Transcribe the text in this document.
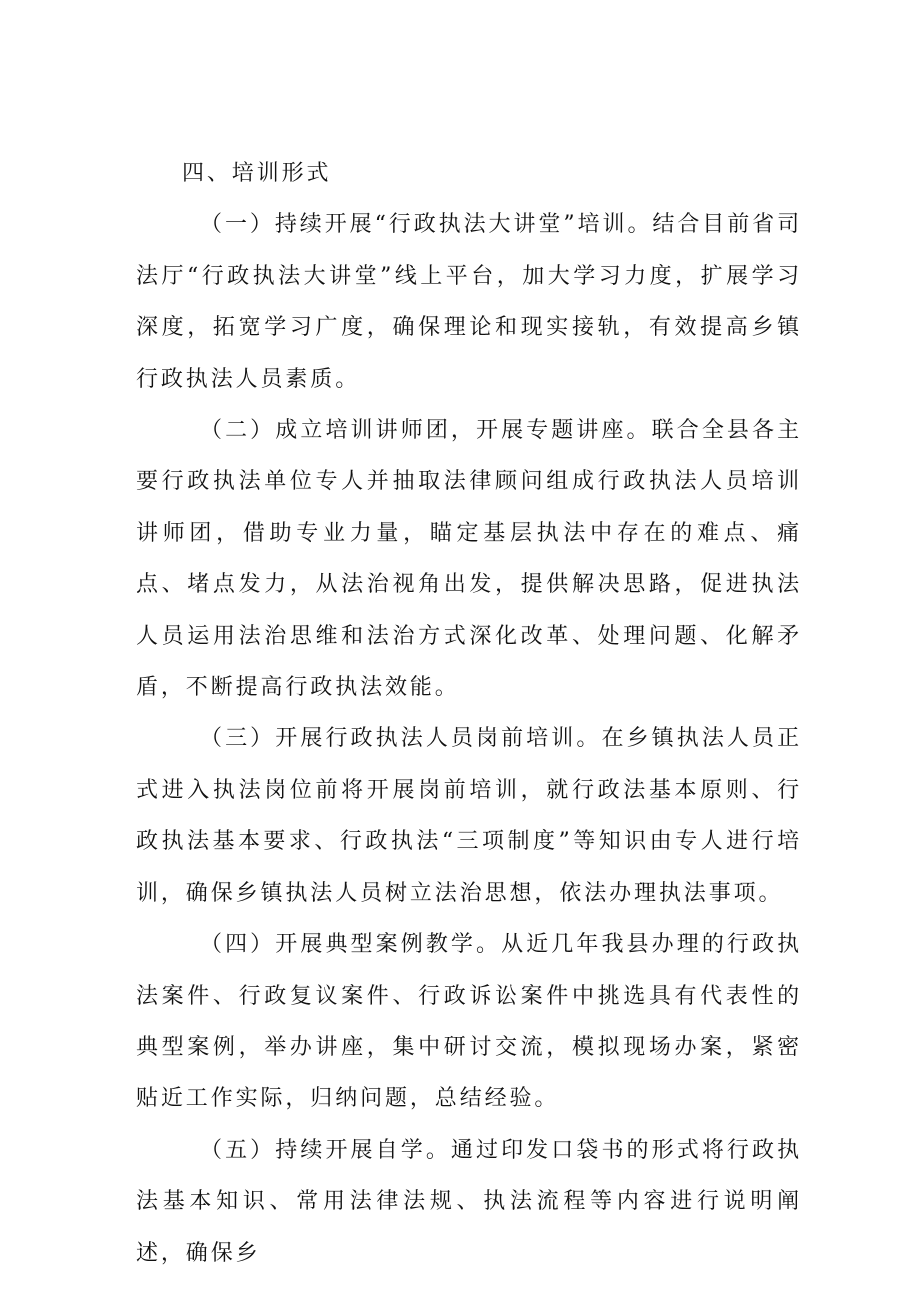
四、培训形式

（一）持续开展“行政执法大讲堂”培训。结合目前省司法厅“行政执法大讲堂”线上平台，加大学习力度，扩展学习深度，拓宽学习广度，确保理论和现实接轨，有效提高乡镇行政执法人员素质。

（二）成立培训讲师团，开展专题讲座。联合全县各主要行政执法单位专人并抽取法律顾问组成行政执法人员培训讲师团，借助专业力量，瞄定基层执法中存在的难点、痛点、堵点发力，从法治视角出发，提供解决思路，促进执法人员运用法治思维和法治方式深化改革、处理问题、化解矛盾，不断提高行政执法效能。

（三）开展行政执法人员岗前培训。在乡镇执法人员正式进入执法岗位前将开展岗前培训，就行政法基本原则、行政执法基本要求、行政执法“三项制度”等知识由专人进行培训，确保乡镇执法人员树立法治思想，依法办理执法事项。

（四）开展典型案例教学。从近几年我县办理的行政执法案件、行政复议案件、行政诉讼案件中挑选具有代表性的典型案例，举办讲座，集中研讨交流，模拟现场办案，紧密贴近工作实际，归纳问题，总结经验。

（五）持续开展自学。通过印发口袋书的形式将行政执法基本知识、常用法律法规、执法流程等内容进行说明阐述，确保乡
